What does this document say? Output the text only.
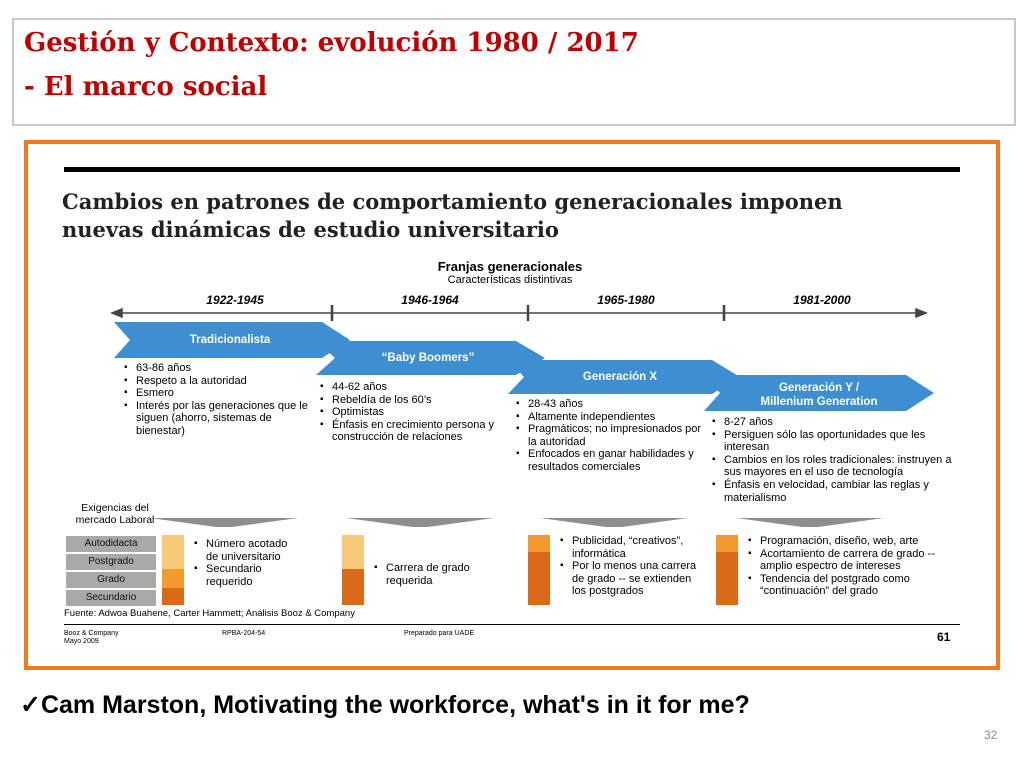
Gestión y Contexto: evolución 1980 / 2017
- El marco social
Cambios en patrones de comportamiento generacionales imponen
nuevas dinámicas de estudio universitario
Franjas generacionales
Características distintivas
1922-1945	1946-1964	1965-1980	1981-2000
Tradicionalista
“Baby Boomers”
Generación X
Generación Y /
Millenium Generation
▪ 63-86 años
▪ Respeto a la autoridad
▪ Esmero
▪ Interés por las generaciones que le siguen (ahorro, sistemas de bienestar)
▪ 44-62 años
▪ Rebeldía de los 60’s
▪ Optimistas
▪ Énfasis en crecimiento persona y construcción de relaciones
▪ 28-43 años
▪ Altamente independientes
▪ Pragmáticos; no impresionados por la autoridad
▪ Enfocados en ganar habilidades y resultados comerciales
▪ 8-27 años
▪ Persiguen sólo las oportunidades que les interesan
▪ Cambios en los roles tradicionales: instruyen a sus mayores en el uso de tecnología
▪ Énfasis en velocidad, cambiar las reglas y materialismo
Exigencias del
mercado Laboral
Autodidacta
Postgrado
Grado
Secundario
▪ Número acotado de universitario
▪ Secundario requerido
▪ Carrera de grado requerida
▪ Publicidad, “creativos”, informática
▪ Por lo menos una carrera de grado -- se extienden los postgrados
▪ Programación, diseño, web, arte
▪ Acortamiento de carrera de grado -- amplio espectro de intereses
▪ Tendencia del postgrado como “continuación” del grado
Fuente: Adwoa Buahene, Carter Hammett; Análisis Booz & Company
Booz & Company
Mayo 2009
RPBA-204-54	Preparado para UADE	61
✓Cam Marston, Motivating the workforce, what's in it for me?
32
